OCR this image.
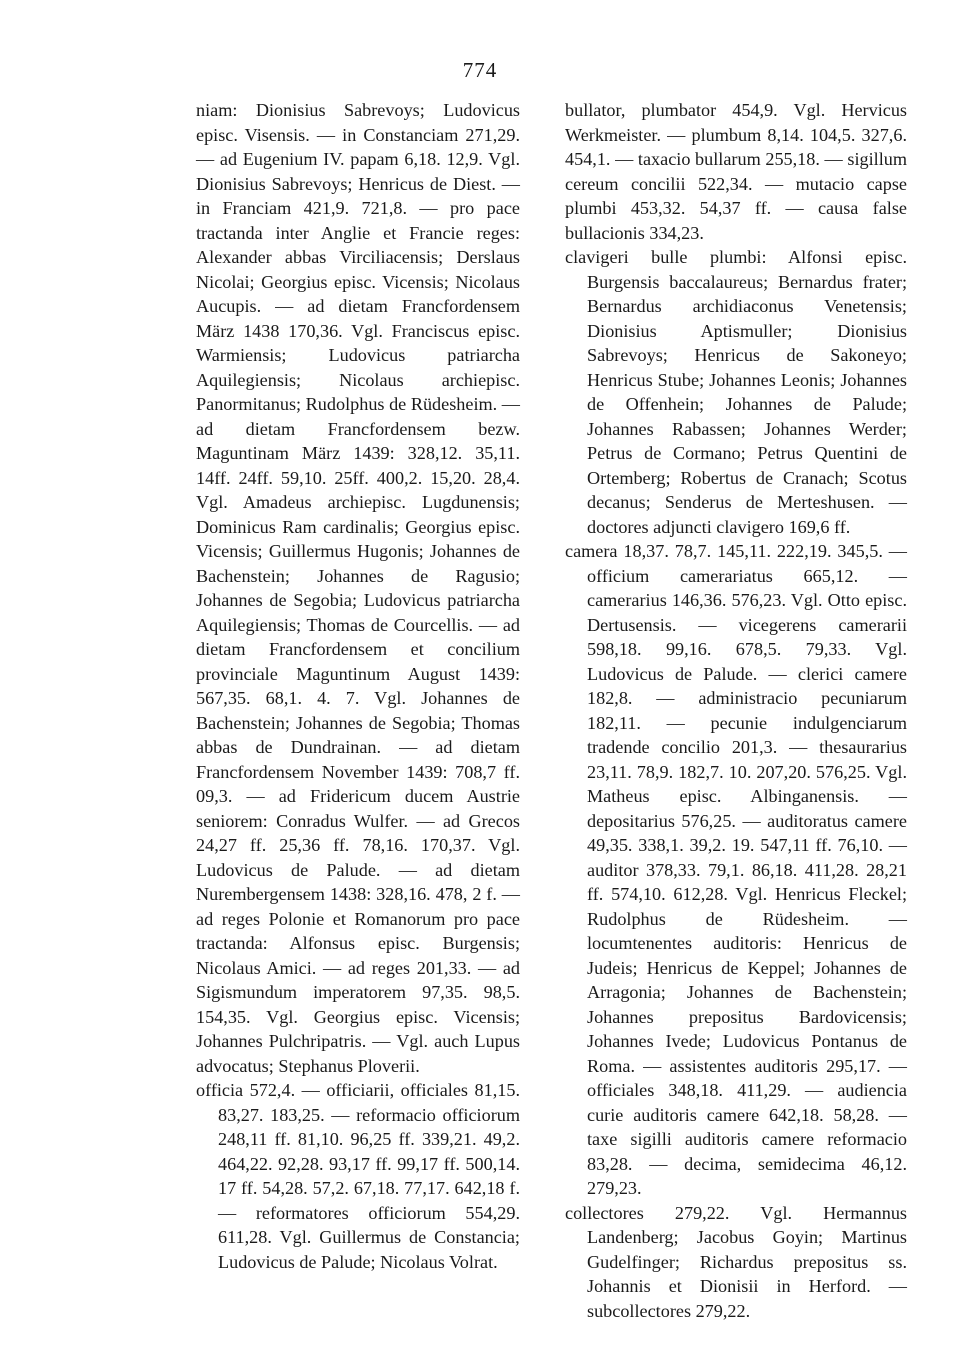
774

niam: Dionisius Sabrevoys; Ludovicus episc. Visensis. — in Constanciam 271,29. — ad Eugenium IV. papam 6,18. 12,9. Vgl. Dionisius Sabrevoys; Henricus de Diest. — in Franciam 421,9. 721,8. — pro pace tractanda inter Anglie et Francie reges: Alexander abbas Virciliacensis; Derslaus Nicolai; Georgius episc. Vicensis; Nicolaus Aucupis. — ad dietam Francfordensem März 1438 170,36. Vgl. Franciscus episc. Warmiensis; Ludovicus patriarcha Aquilegiensis; Nicolaus archiepisc. Panormitanus; Rudolphus de Rüdesheim. — ad dietam Francfordensem bezw. Maguntinam März 1439: 328,12. 35,11. 14ff. 24ff. 59,10. 25ff. 400,2. 15,20. 28,4. Vgl. Amadeus archiepisc. Lugdunensis; Dominicus Ram cardinalis; Georgius episc. Vicensis; Guillermus Hugonis; Johannes de Bachenstein; Johannes de Ragusio; Johannes de Segobia; Ludovicus patriarcha Aquilegiensis; Thomas de Courcellis. — ad dietam Francfordensem et concilium provinciale Maguntinum August 1439: 567,35. 68,1. 4. 7. Vgl. Johannes de Bachenstein; Johannes de Segobia; Thomas abbas de Dundrainan. — ad dietam Francfordensem November 1439: 708,7 ff. 09,3. — ad Fridericum ducem Austrie seniorem: Conradus Wulfer. — ad Grecos 24,27 ff. 25,36 ff. 78,16. 170,37. Vgl. Ludovicus de Palude. — ad dietam Nurembergensem 1438: 328,16. 478, 2 f. — ad reges Polonie et Romanorum pro pace tractanda: Alfonsus episc. Burgensis; Nicolaus Amici. — ad reges 201,33. — ad Sigismundum imperatorem 97,35. 98,5. 154,35. Vgl. Georgius episc. Vicensis; Johannes Pulchripatris. — Vgl. auch Lupus advocatus; Stephanus Ploverii.

officia 572,4. — officiarii, officiales 81,15. 83,27. 183,25. — reformacio officiorum 248,11 ff. 81,10. 96,25 ff. 339,21. 49,2. 464,22. 92,28. 93,17 ff. 99,17 ff. 500,14. 17 ff. 54,28. 57,2. 67,18. 77,17. 642,18 f. — reformatores officiorum 554,29. 611,28. Vgl. Guillermus de Constancia; Ludovicus de Palude; Nicolaus Volrat.

bullator, plumbator 454,9. Vgl. Hervicus Werkmeister. — plumbum 8,14. 104,5. 327,6. 454,1. — taxacio bullarum 255,18. — sigillum cereum concilii 522,34. — mutacio capse plumbi 453,32. 54,37 ff. — causa false bullacionis 334,23.

clavigeri bulle plumbi: Alfonsi episc. Burgensis baccalaureus; Bernardus frater; Bernardus archidiaconus Venetensis; Dionisius Aptismuller; Dionisius Sabrevoys; Henricus de Sakoneyo; Henricus Stube; Johannes Leonis; Johannes de Offenhein; Johannes de Palude; Johannes Rabassen; Johannes Werder; Petrus de Cormano; Petrus Quentini de Ortemberg; Robertus de Cranach; Scotus decanus; Senderus de Merteshusen. — doctores adjuncti clavigero 169,6 ff.

camera 18,37. 78,7. 145,11. 222,19. 345,5. — officium camerariatus 665,12. — camerarius 146,36. 576,23. Vgl. Otto episc. Dertusensis. — vicegerens camerarii 598,18. 99,16. 678,5. 79,33. Vgl. Ludovicus de Palude. — clerici camere 182,8. — administracio pecuniarum 182,11. — pecunie indulgenciarum tradende concilio 201,3. — thesaurarius 23,11. 78,9. 182,7. 10. 207,20. 576,25. Vgl. Matheus episc. Albinganensis. — depositarius 576,25. — auditoratus camere 49,35. 338,1. 39,2. 19. 547,11 ff. 76,10. — auditor 378,33. 79,1. 86,18. 411,28. 28,21 ff. 574,10. 612,28. Vgl. Henricus Fleckel; Rudolphus de Rüdesheim. — locumtenentes auditoris: Henricus de Judeis; Henricus de Keppel; Johannes de Arragonia; Johannes de Bachenstein; Johannes prepositus Bardovicensis; Johannes Ivede; Ludovicus Pontanus de Roma. — assistentes auditoris 295,17. — officiales 348,18. 411,29. — audiencia curie auditoris camere 642,18. 58,28. — taxe sigilli auditoris camere reformacio 83,28. — decima, semidecima 46,12. 279,23.

collectores 279,22. Vgl. Hermannus Landenberg; Jacobus Goyin; Martinus Gudelfinger; Richardus prepositus ss. Johannis et Dionisii in Herford. — subcollectores 279,22.
